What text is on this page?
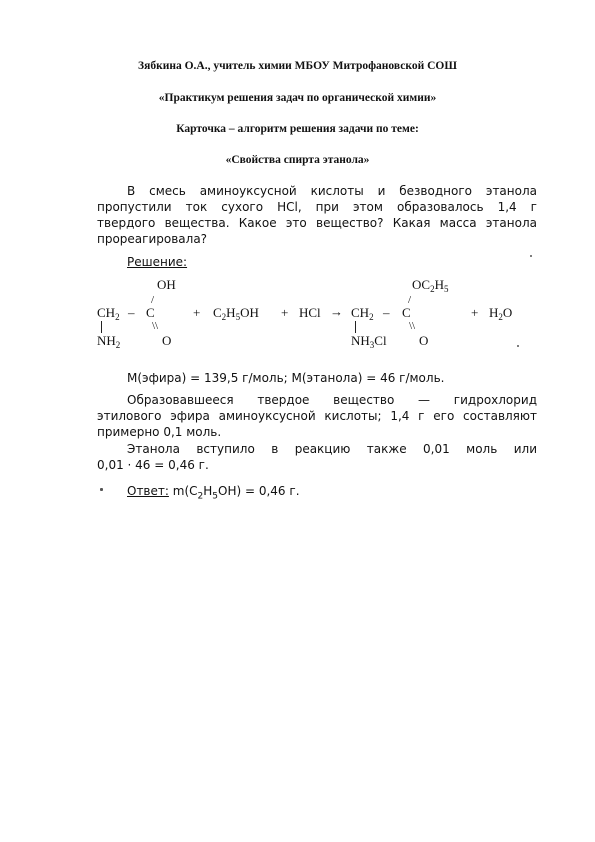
Зябкина О.А., учитель химии МБОУ Митрофановской СОШ
«Практикум решения задач по органической химии»
Карточка – алгоритм решения задачи по теме:
«Свойства спирта этанола»
В смесь аминоуксусной кислоты и безводного этанола
пропустили ток сухого HCl, при этом образовалось 1,4 г
твердого вещества. Какое это вещество? Какая масса этанола
прореагировала?
Решение:
OH
/
$CH_2$ – C
\\
$NH_2$	O
+ $C_2H_5OH$ + HCl →
$OC_2H_5$
/
$CH_2$ – C
\\
$NH_3Cl$ O
+ $H_2O$
M(эфира) = 139,5 г/моль; M(этанола) = 46 г/моль.
Образовавшееся твердое вещество — гидрохлорид
этилового эфира аминоуксусной кислоты; 1,4 г его составляют
примерно 0,1 моль.
Этанола вступило в реакцию также 0,01 моль или
0,01 · 46 = 0,46 г.
Ответ: $m(C_2H_5OH) = 0,46$ г.
